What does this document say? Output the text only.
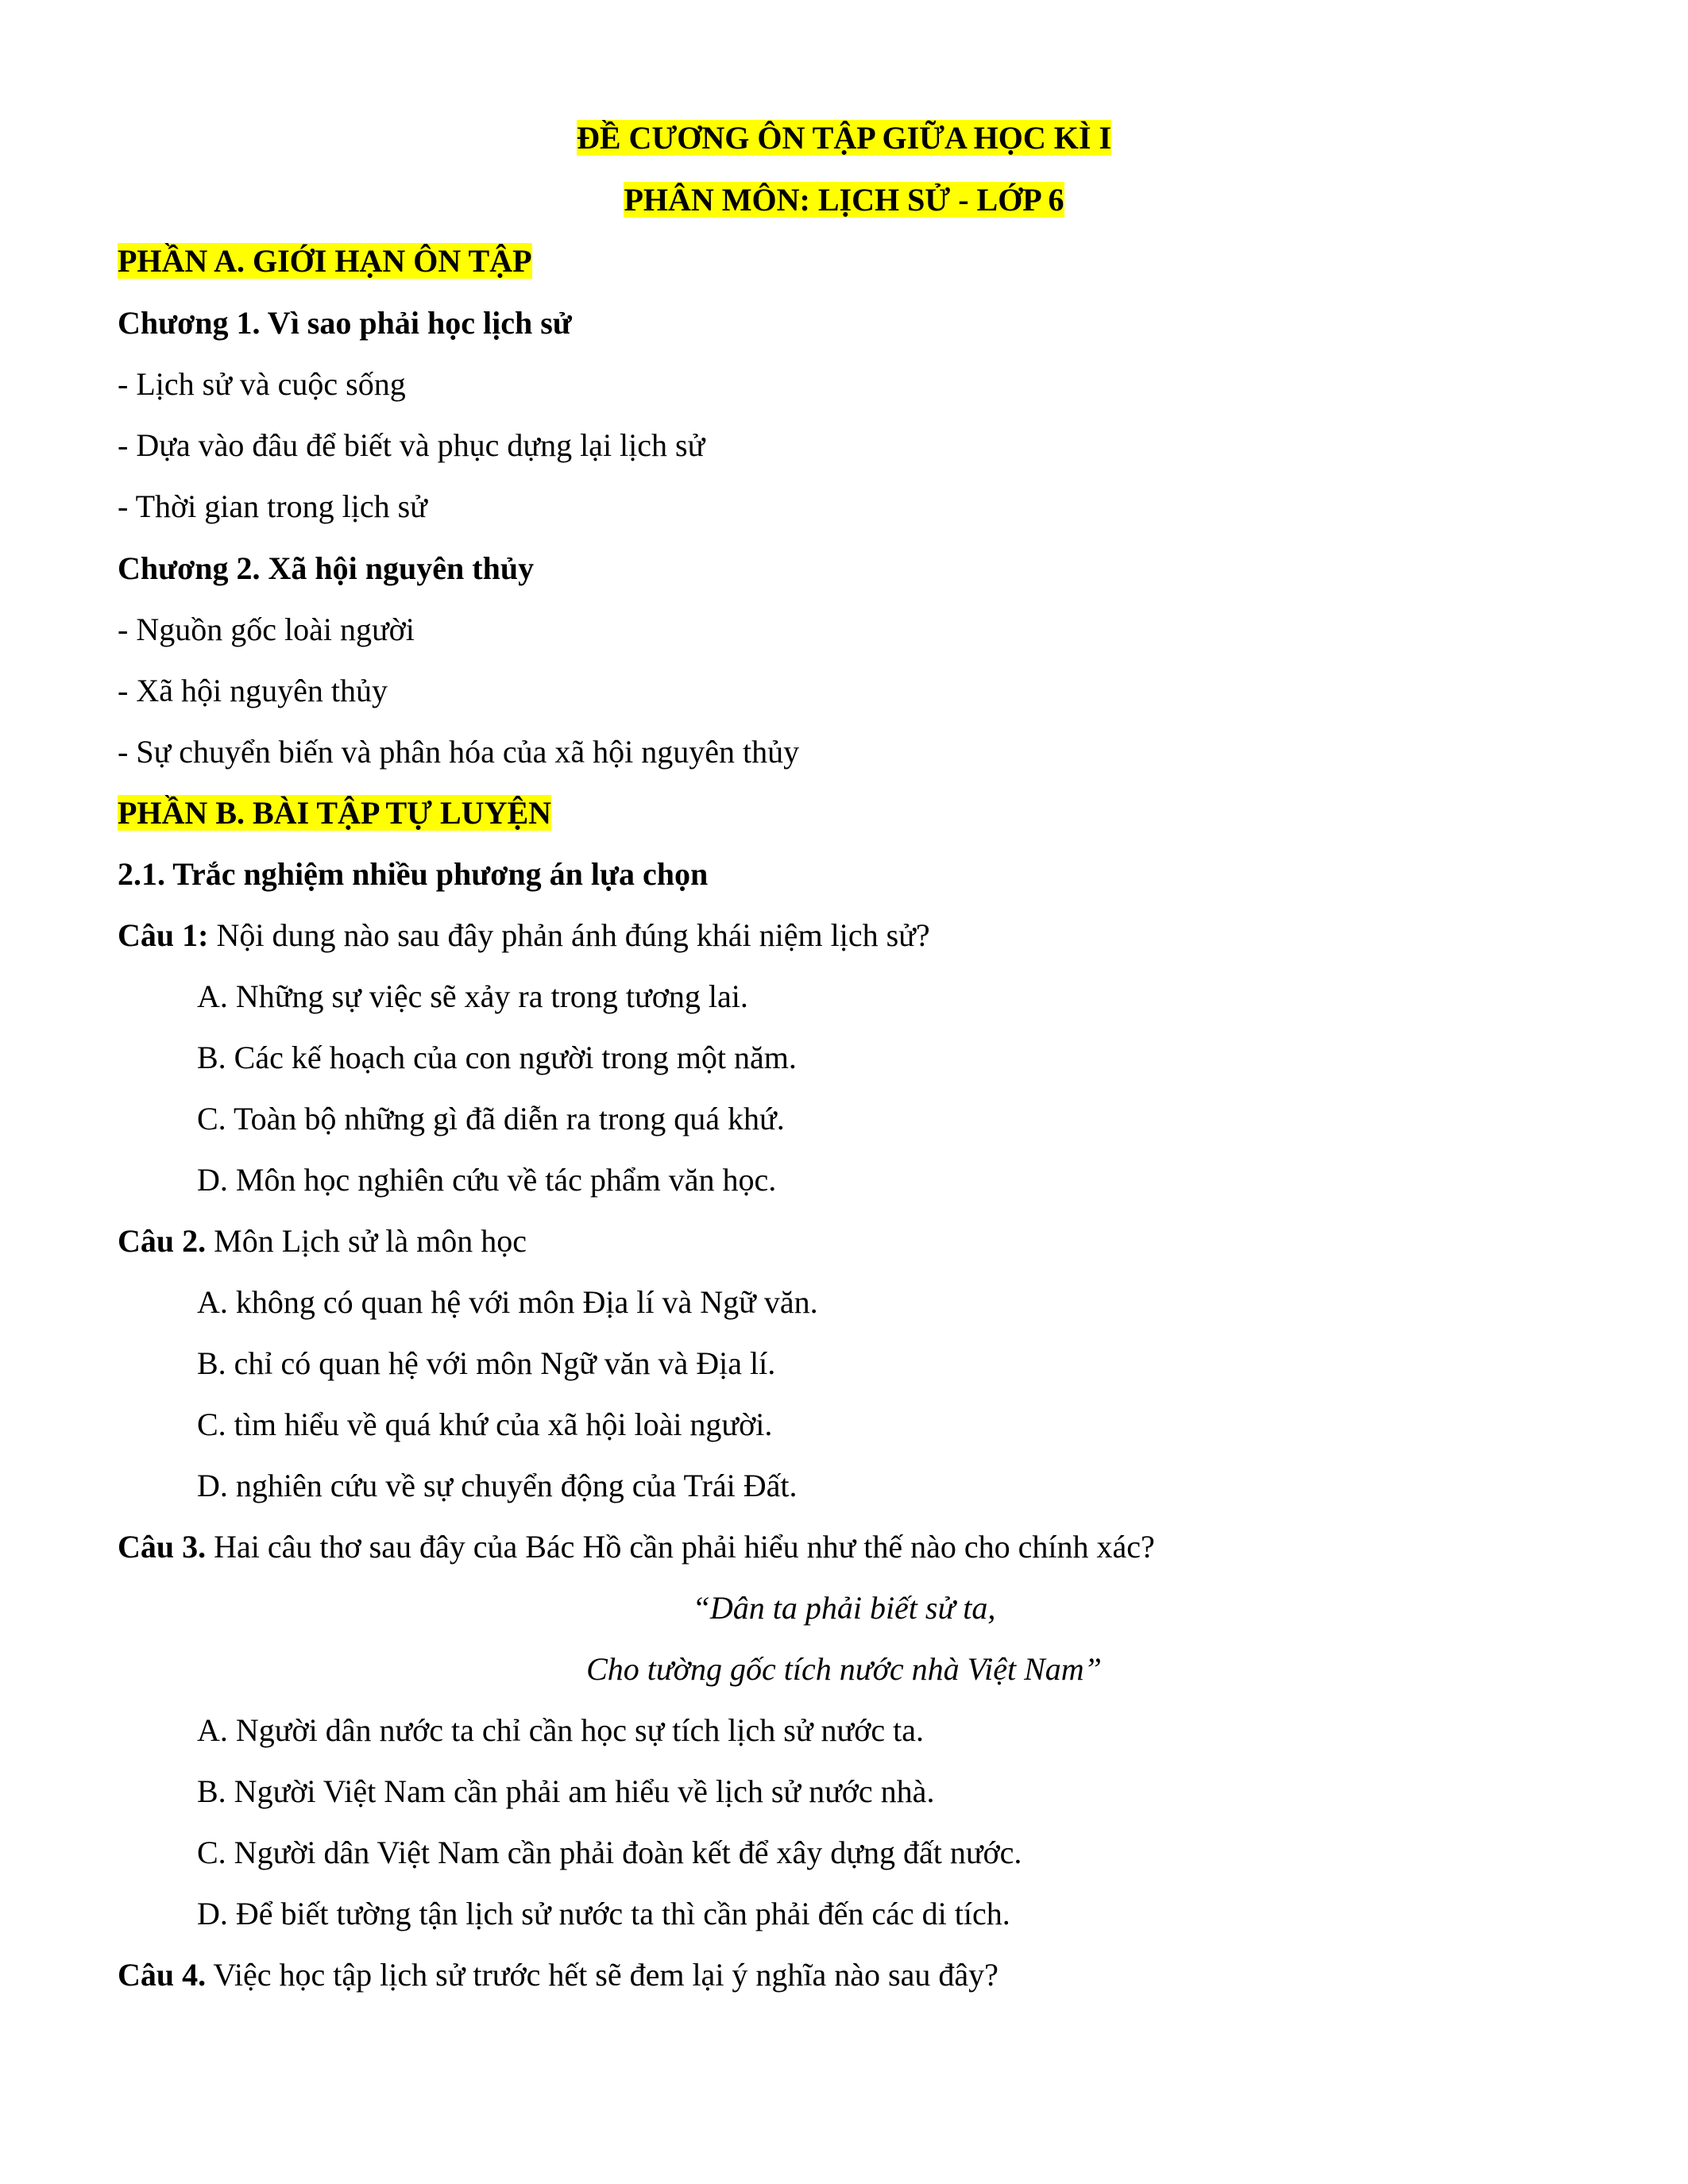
ĐỀ CƯƠNG ÔN TẬP GIỮA HỌC KÌ I
PHÂN MÔN: LỊCH SỬ - LỚP 6
PHẦN A. GIỚI HẠN ÔN TẬP
Chương 1. Vì sao phải học lịch sử
- Lịch sử và cuộc sống
- Dựa vào đâu để biết và phục dựng lại lịch sử
- Thời gian trong lịch sử
Chương 2. Xã hội nguyên thủy
- Nguồn gốc loài người
- Xã hội nguyên thủy
- Sự chuyển biến và phân hóa của xã hội nguyên thủy
PHẦN B. BÀI TẬP TỰ LUYỆN
2.1. Trắc nghiệm nhiều phương án lựa chọn
Câu 1: Nội dung nào sau đây phản ánh đúng khái niệm lịch sử?
A. Những sự việc sẽ xảy ra trong tương lai.
B. Các kế hoạch của con người trong một năm.
C. Toàn bộ những gì đã diễn ra trong quá khứ.
D. Môn học nghiên cứu về tác phẩm văn học.
Câu 2. Môn Lịch sử là môn học
A. không có quan hệ với môn Địa lí và Ngữ văn.
B. chỉ có quan hệ với môn Ngữ văn và Địa lí.
C. tìm hiểu về quá khứ của xã hội loài người.
D. nghiên cứu về sự chuyển động của Trái Đất.
Câu 3. Hai câu thơ sau đây của Bác Hồ cần phải hiểu như thế nào cho chính xác?
“Dân ta phải biết sử ta,
Cho tường gốc tích nước nhà Việt Nam”
A. Người dân nước ta chỉ cần học sự tích lịch sử nước ta.
B. Người Việt Nam cần phải am hiểu về lịch sử nước nhà.
C. Người dân Việt Nam cần phải đoàn kết để xây dựng đất nước.
D. Để biết tường tận lịch sử nước ta thì cần phải đến các di tích.
Câu 4. Việc học tập lịch sử trước hết sẽ đem lại ý nghĩa nào sau đây?
